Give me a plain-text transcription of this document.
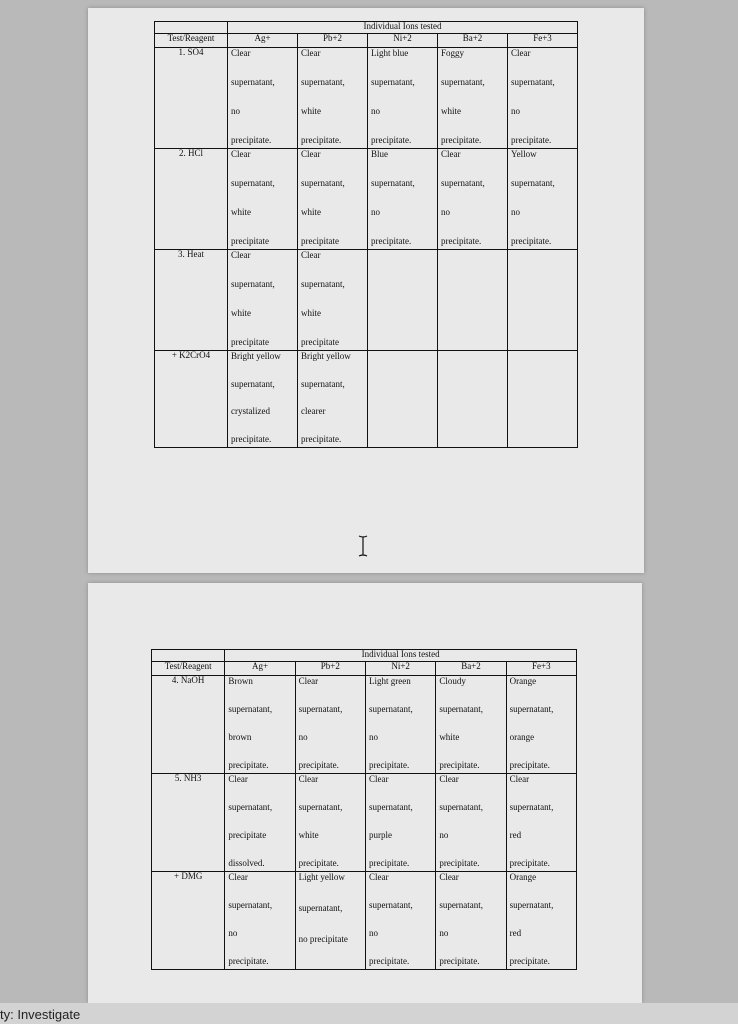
	Individual Ions tested				
Test/Reagent	Ag+	Pb+2	Ni+2	Ba+2	Fe+3
1. SO4	Clear
supernatant,
no
precipitate.	Clear
supernatant,
white
precipitate.	Light blue
supernatant,
no
precipitate.	Foggy
supernatant,
white
precipitate.	Clear
supernatant,
no
precipitate.

2. HCl	Clear
supernatant,
white
precipitate	Clear
supernatant,
white
precipitate	Blue
supernatant,
no
precipitate.	Clear
supernatant,
no
precipitate.	Yellow
supernatant,
no
precipitate.

3. Heat	Clear
supernatant,
white
precipitate	Clear
supernatant,
white
precipitate			

+ K2CrO4	Bright yellow
supernatant,
crystalized
precipitate.	Bright yellow
supernatant,
clearer
precipitate.			

	Individual Ions tested				
Test/Reagent	Ag+	Pb+2	Ni+2	Ba+2	Fe+3
4. NaOH	Brown
supernatant,
brown
precipitate.	Clear
supernatant,
no
precipitate.	Light green
supernatant,
no
precipitate.	Cloudy
supernatant,
white
precipitate.	Orange
supernatant,
orange
precipitate.

5. NH3	Clear
supernatant,
precipitate
dissolved.	Clear
supernatant,
white
precipitate.	Clear
supernatant,
purple
precipitate.	Clear
supernatant,
no
precipitate.	Clear
supernatant,
red
precipitate.

+ DMG	Clear
supernatant,
no
precipitate.	Light yellow
supernatant,
no precipitate	Clear
supernatant,
no
precipitate.	Clear
supernatant,
no
precipitate.	Orange
supernatant,
red
precipitate.
ty: Investigate
